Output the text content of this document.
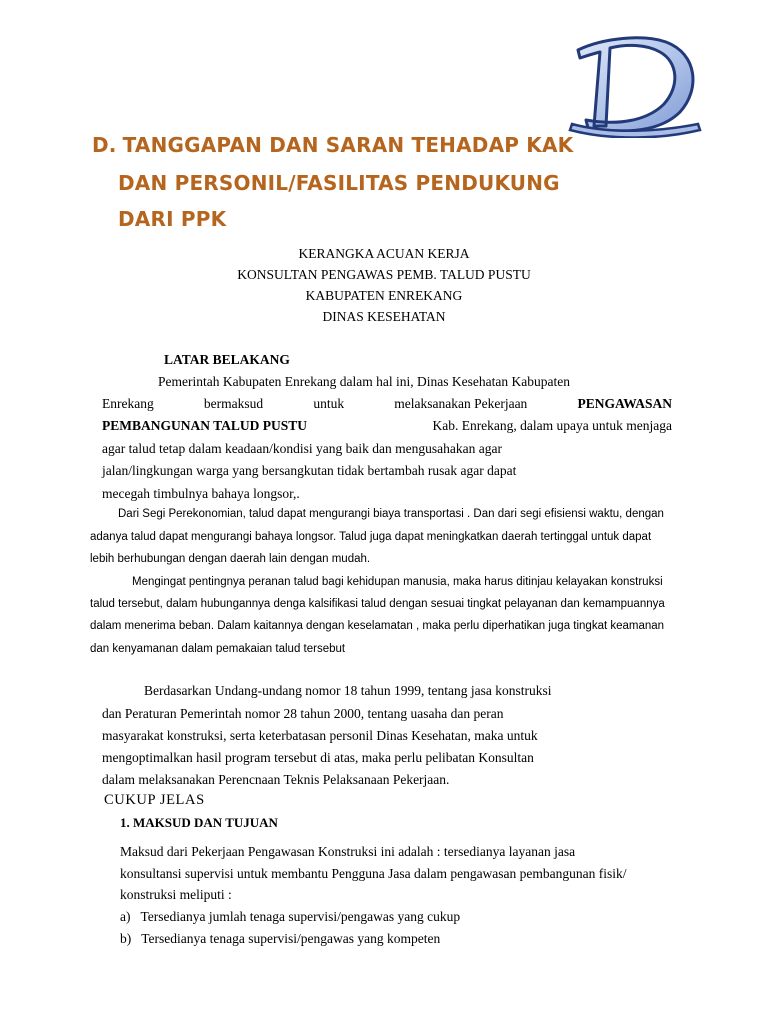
D. TANGGAPAN DAN SARAN TEHADAP KAK
DAN PERSONIL/FASILITAS PENDUKUNG
DARI PPK
KERANGKA ACUAN KERJA
KONSULTAN PENGAWAS PEMB. TALUD PUSTU
KABUPATEN ENREKANG
DINAS KESEHATAN
LATAR BELAKANG
Pemerintah Kabupaten Enrekang dalam hal ini, Dinas Kesehatan Kabupaten
Enrekang	bermaksud	untuk	melaksanakan Pekerjaan	PENGAWASAN
PEMBANGUNAN TALUD PUSTU	Kab. Enrekang, dalam upaya untuk menjaga
agar talud tetap dalam keadaan/kondisi yang baik dan mengusahakan agar
jalan/lingkungan warga yang bersangkutan tidak bertambah rusak agar dapat
mecegah timbulnya bahaya longsor,.
Dari Segi Perekonomian, talud dapat mengurangi biaya transportasi . Dan dari segi efisiensi waktu, dengan
adanya talud dapat mengurangi bahaya longsor. Talud juga dapat meningkatkan daerah tertinggal untuk dapat
lebih berhubungan dengan daerah lain dengan mudah.
Mengingat pentingnya peranan talud bagi kehidupan manusia, maka harus ditinjau kelayakan konstruksi
talud tersebut, dalam hubungannya denga kalsifikasi talud dengan sesuai tingkat pelayanan dan kemampuannya
dalam menerima beban. Dalam kaitannya dengan keselamatan , maka perlu diperhatikan juga tingkat keamanan
dan kenyamanan dalam pemakaian talud tersebut
Berdasarkan Undang-undang nomor 18 tahun 1999, tentang jasa konstruksi
dan Peraturan Pemerintah nomor 28 tahun 2000, tentang uasaha dan peran
masyarakat konstruksi, serta keterbatasan personil Dinas Kesehatan, maka untuk
mengoptimalkan hasil program tersebut di atas, maka perlu pelibatan Konsultan
dalam melaksanakan Perencnaan Teknis Pelaksanaan Pekerjaan.
CUKUP JELAS
1. MAKSUD DAN TUJUAN
Maksud dari Pekerjaan Pengawasan Konstruksi ini adalah : tersedianya layanan jasa
konsultansi supervisi untuk membantu Pengguna Jasa dalam pengawasan pembangunan fisik/
konstruksi meliputi :
a) Tersedianya jumlah tenaga supervisi/pengawas yang cukup
b) Tersedianya tenaga supervisi/pengawas yang kompeten
